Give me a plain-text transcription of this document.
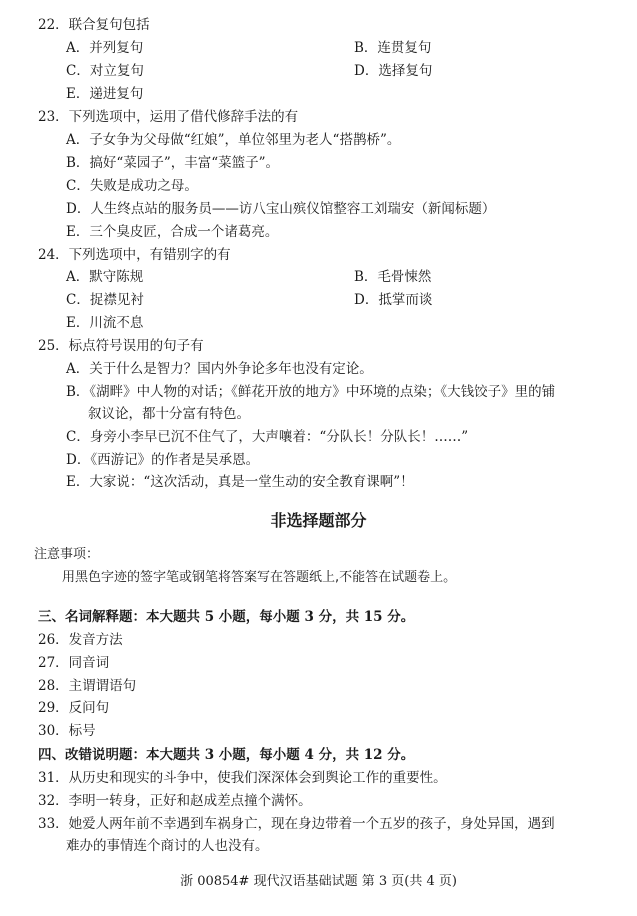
22．联合复句包括
A．并列复句	B．连贯复句
C．对立复句	D．选择复句
E．递进复句
23．下列选项中，运用了借代修辞手法的有
A．子女争为父母做“红娘”，单位邻里为老人“搭鹊桥”。
B．搞好“菜园子”，丰富“菜篮子”。
C．失败是成功之母。
D．人生终点站的服务员——访八宝山殡仪馆整容工刘瑞安（新闻标题）
E．三个臭皮匠，合成一个诸葛亮。
24．下列选项中，有错别字的有
A．默守陈规	B．毛骨悚然
C．捉襟见衬	D．抵掌而谈
E．川流不息
25．标点符号误用的句子有
A．关于什么是智力？国内外争论多年也没有定论。
B．《湖畔》中人物的对话；《鲜花开放的地方》中环境的点染；《大钱饺子》里的铺
叙议论，都十分富有特色。
C．身旁小李早已沉不住气了，大声嚷着：“分队长！分队长！……”
D．《西游记》的作者是吴承恩。
E．大家说：“这次活动，真是一堂生动的安全教育课啊”！
非选择题部分
注意事项：
用黑色字迹的签字笔或钢笔将答案写在答题纸上,不能答在试题卷上。
三、名词解释题：本大题共 5 小题，每小题 3 分，共 15 分。
26．发音方法
27．同音词
28．主谓谓语句
29．反问句
30．标号
四、改错说明题：本大题共 3 小题，每小题 4 分，共 12 分。
31．从历史和现实的斗争中，使我们深深体会到舆论工作的重要性。
32．李明一转身，正好和赵成差点撞个满怀。
33．她爱人两年前不幸遇到车祸身亡，现在身边带着一个五岁的孩子，身处异国，遇到
难办的事情连个商讨的人也没有。
浙 00854# 现代汉语基础试题 第 3 页(共 4 页)
